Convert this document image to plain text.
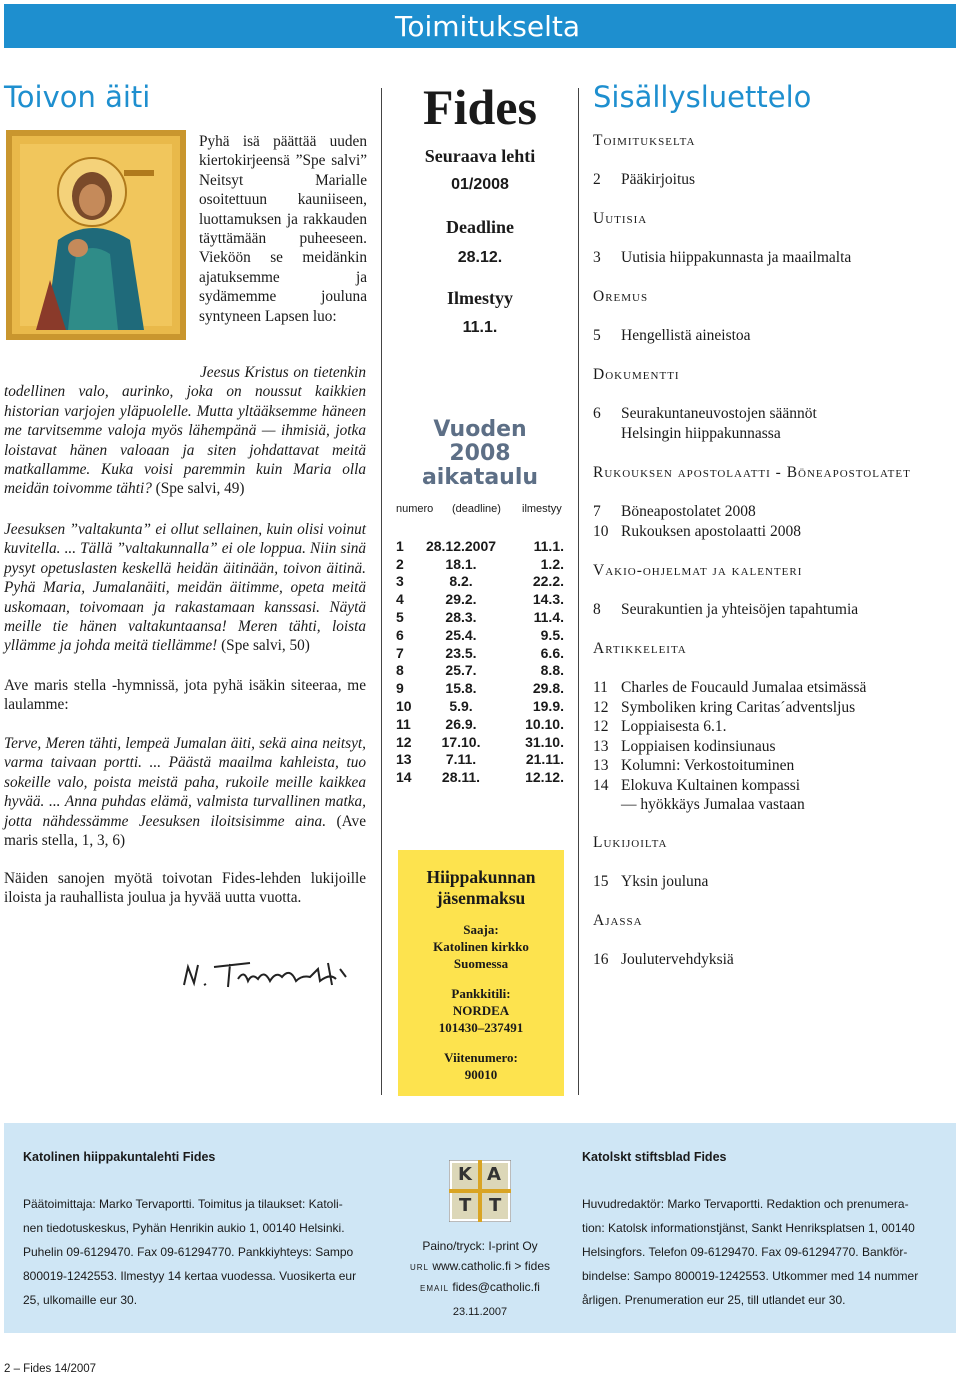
Toimitukselta
Toivon äiti
Pyhä isä päättää uuden kiertokirjeensä ”Spe salvi” Neitsyt Marialle osoitettuun kauniiseen, luottamuksen ja rakkauden täyttämään puheeseen. Vieköön se meidänkin ajatuksemme ja sydämemme jouluna syntyneen Lapsen luo:
Jeesus Kristus on tietenkin todellinen valo, aurinko, joka on noussut kaikkien historian varjojen yläpuolelle. Mutta yltääksemme häneen me tarvitsemme valoja myös lähempänä — ihmisiä, jotka loistavat hänen valoaan ja siten johdattavat meitä matkallamme. Kuka voisi paremmin kuin Maria olla meidän toivomme tähti? (Spe salvi, 49)
Jeesuksen ”valtakunta” ei ollut sellainen, kuin olisi voinut kuvitella. ... Tällä ”valtakunnalla” ei ole loppua. Niin sinä pysyt opetuslasten keskellä heidän äitinään, toivon äitinä. Pyhä Maria, Jumalanäiti, meidän äitimme, opeta meitä uskomaan, toivomaan ja rakastamaan kanssasi. Näytä meille tie hänen valtakuntaansa! Meren tähti, loista yllämme ja johda meitä tiellämme! (Spe salvi, 50)
Ave maris stella -hymnissä, jota pyhä isäkin siteeraa, me laulamme:
Terve, Meren tähti, lempeä Jumalan äiti, sekä aina neitsyt, varma taivaan portti. ... Päästä maailma kahleista, tuo sokeille valo, poista meistä paha, rukoile meille kaikkea hyvää. ... Anna puhdas elämä, valmista turvallinen matka, jotta nähdessämme Jeesuksen iloitsisimme aina. (Ave maris stella, 1, 3, 6)
Näiden sanojen myötä toivotan Fides-lehden lukijoille iloista ja rauhallista joulua ja hyvää uutta vuotta.
Fides
Seuraava lehti
01/2008
Deadline
28.12.
Ilmestyy
11.1.
Vuoden
2008
aikataulu
numero (deadline) ilmestyy
1	28.12.2007	11.1.
2	18.1.	1.2.
3	8.2.	22.2.
4	29.2.	14.3.
5	28.3.	11.4.
6	25.4.	9.5.
7	23.5.	6.6.
8	25.7.	8.8.
9	15.8.	29.8.
10	5.9.	19.9.
11	26.9.	10.10.
12	17.10.	31.10.
13	7.11.	21.11.
14	28.11.	12.12.
Hiippakunnan
jäsenmaksu
Saaja:
Katolinen kirkko
Suomessa
Pankkitili:
NORDEA
101430–237491
Viitenumero:
90010
Sisällysluettelo
Toimitukselta
2 Pääkirjoitus
Uutisia
3 Uutisia hiippakunnasta ja maailmalta
Oremus
5 Hengellistä aineistoa
Dokumentti
6 Seurakuntaneuvostojen säännöt
Helsingin hiippakunnassa
Rukouksen apostolaatti - Böneapostolatet
7 Böneapostolatet 2008
10 Rukouksen apostolaatti 2008
Vakio-ohjelmat ja kalenteri
8 Seurakuntien ja yhteisöjen tapahtumia
Artikkeleita
11 Charles de Foucauld Jumalaa etsimässä
12 Symboliken kring Caritas´adventsljus
12 Loppiaisesta 6.1.
13 Loppiaisen kodinsiunaus
13 Kolumni: Verkostoituminen
14 Elokuva Kultainen kompassi
— hyökkäys Jumalaa vastaan
Lukijoilta
15 Yksin jouluna
Ajassa
16 Joulutervehdyksiä
Katolinen hiippakuntalehti Fides
Päätoimittaja: Marko Tervaportti. Toimitus ja tilaukset: Katoli-
nen tiedotuskeskus, Pyhän Henrikin aukio 1, 00140 Helsinki.
Puhelin 09-6129470. Fax 09-61294770. Pankkiyhteys: Sampo
800019-1242553. Ilmestyy 14 kertaa vuodessa. Vuosikerta eur
25, ulkomaille eur 30.
K A
T T
Paino/tryck: I-print Oy
url www.catholic.fi > fides
email fides@catholic.fi
23.11.2007
Katolskt stiftsblad Fides
Huvudredaktör: Marko Tervaportti. Redaktion och prenumera-
tion: Katolsk informationstjänst, Sankt Henriksplatsen 1, 00140
Helsingfors. Telefon 09-6129470. Fax 09-61294770. Bankför-
bindelse: Sampo 800019-1242553. Utkommer med 14 nummer
årligen. Prenumeration eur 25, till utlandet eur 30.
2 – Fides 14/2007
